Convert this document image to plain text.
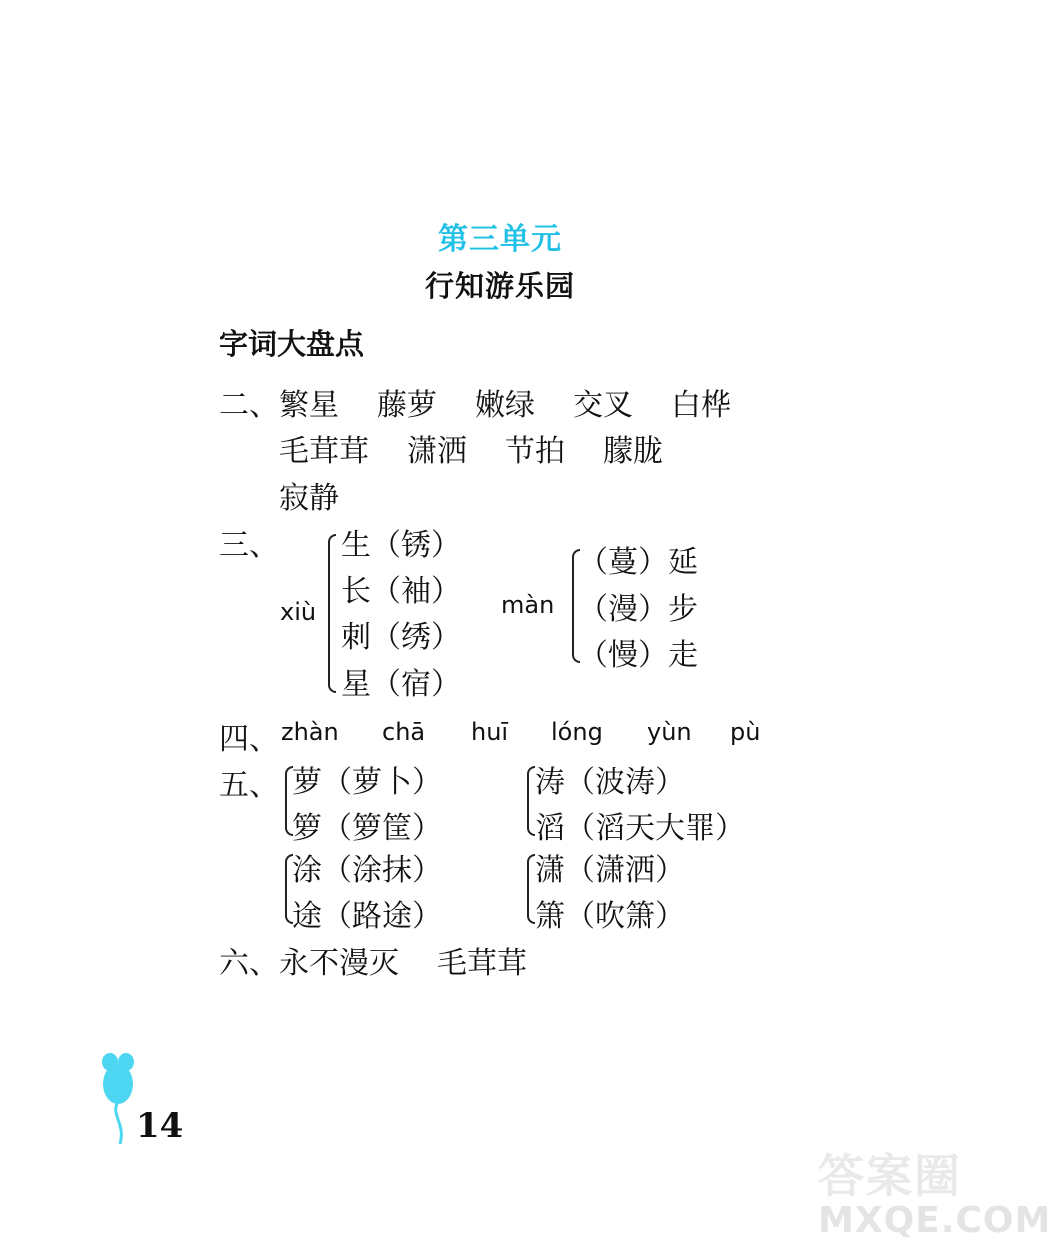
第三单元
行知游乐园
字词大盘点
二、 繁星 藤萝 嫩绿 交叉 白桦
毛茸茸 潇洒 节拍 朦胧
寂静
三、
xiù
生（锈）
长（袖）
刺（绣）
星（宿）
màn
（蔓）延
（漫）步
（慢）走
四、 zhàn chā huī lóng yùn pù
五、 萝（萝卜）
箩（箩筐）
涛（波涛）
滔（滔天大罪）
涂（涂抹）
途（路途）
潇（潇洒）
箫（吹箫）
六、 永不漫灭 毛茸茸
14
答案圈
MXQE.COM
